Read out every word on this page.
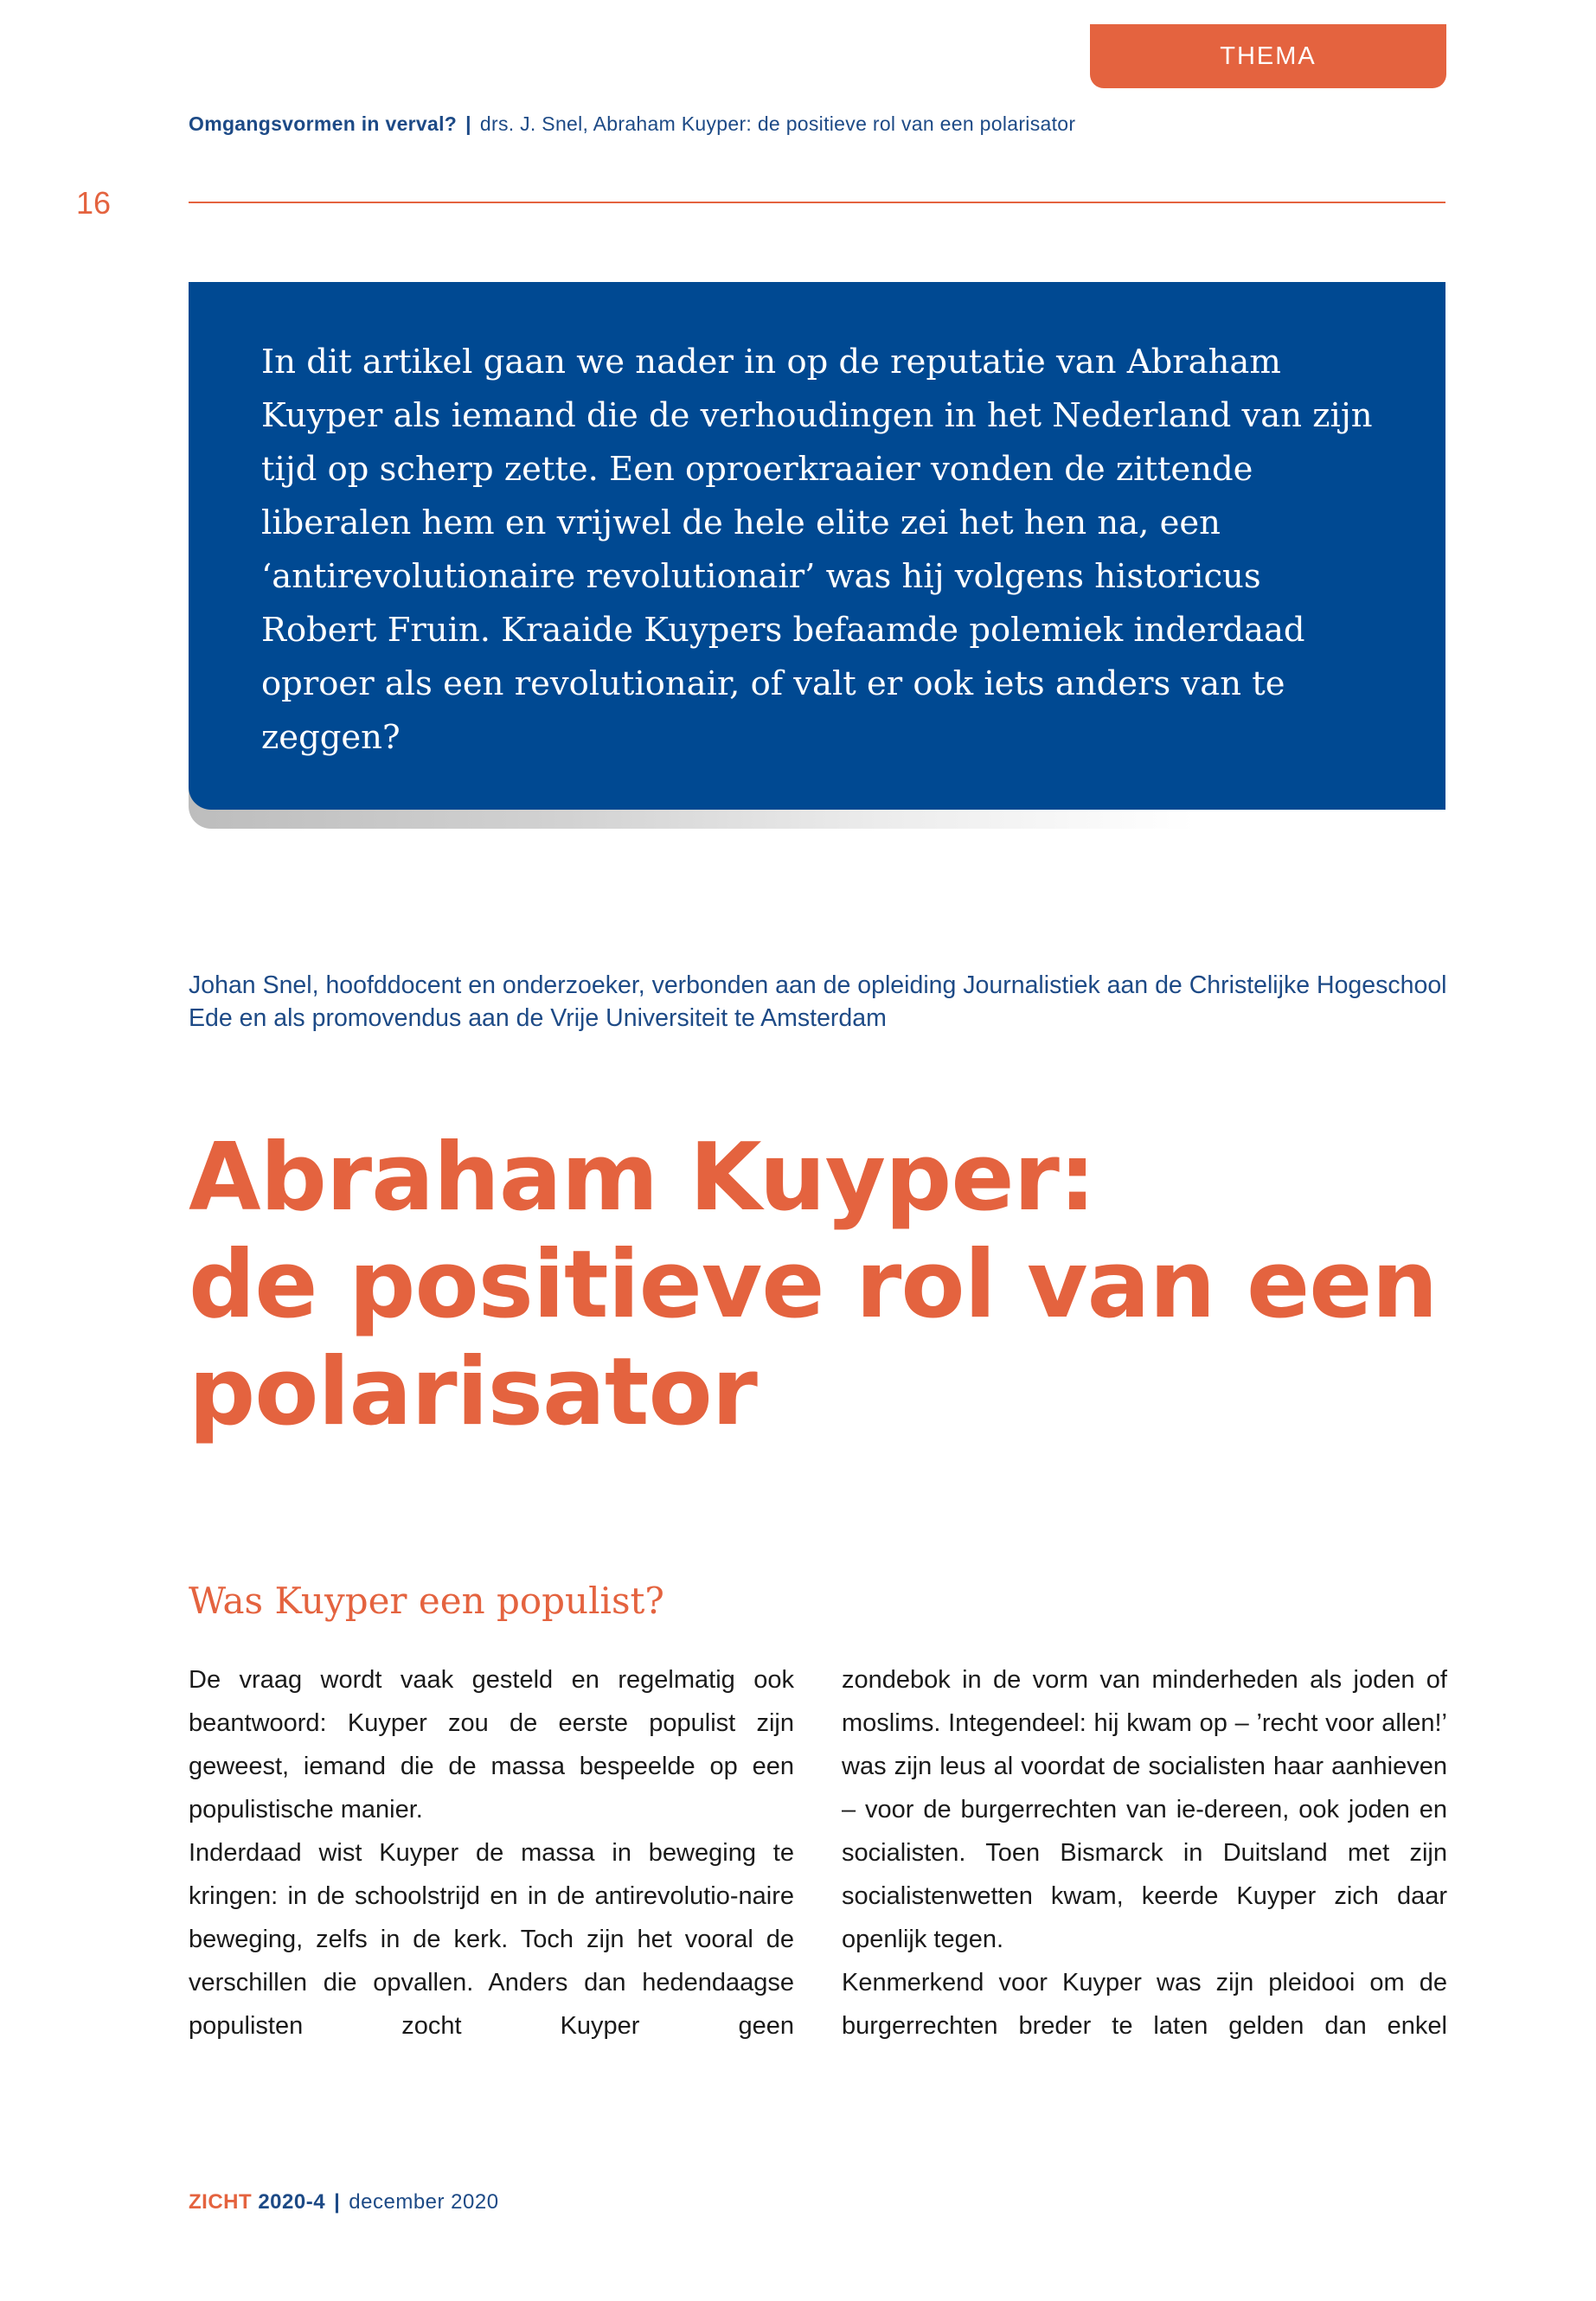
THEMA
Omgangsvormen in verval? | drs. J. Snel, Abraham Kuyper: de positieve rol van een polarisator
16

In dit artikel gaan we nader in op de reputatie van Abraham Kuyper als iemand die de verhoudingen in het Nederland van zijn tijd op scherp zette. Een oproerkraaier vonden de zittende liberalen hem en vrijwel de hele elite zei het hen na, een ‘antirevolutionaire revolutionair’ was hij volgens historicus Robert Fruin. Kraaide Kuypers befaamde polemiek inderdaad oproer als een revolutionair, of valt er ook iets anders van te zeggen?

Johan Snel, hoofddocent en onderzoeker, verbonden aan de opleiding Journalistiek aan de Christelijke Hogeschool Ede en als promovendus aan de Vrije Universiteit te Amsterdam

Abraham Kuyper:
de positieve rol van een
polarisator
Was Kuyper een populist?

De vraag wordt vaak gesteld en regelmatig ook beantwoord: Kuyper zou de eerste populist zijn geweest, iemand die de massa bespeelde op een populistische manier.

Inderdaad wist Kuyper de massa in beweging te kringen: in de schoolstrijd en in de antirevolutio-naire beweging, zelfs in de kerk. Toch zijn het vooral de verschillen die opvallen. Anders dan hedendaagse populisten zocht Kuyper geen

zondebok in de vorm van minderheden als joden of moslims. Integendeel: hij kwam op – ’recht voor allen!’ was zijn leus al voordat de socialisten haar aanhieven – voor de burgerrechten van ie-dereen, ook joden en socialisten. Toen Bismarck in Duitsland met zijn socialistenwetten kwam, keerde Kuyper zich daar openlijk tegen.

Kenmerkend voor Kuyper was zijn pleidooi om de burgerrechten breder te laten gelden dan enkel

ZICHT 2020-4 | december 2020
